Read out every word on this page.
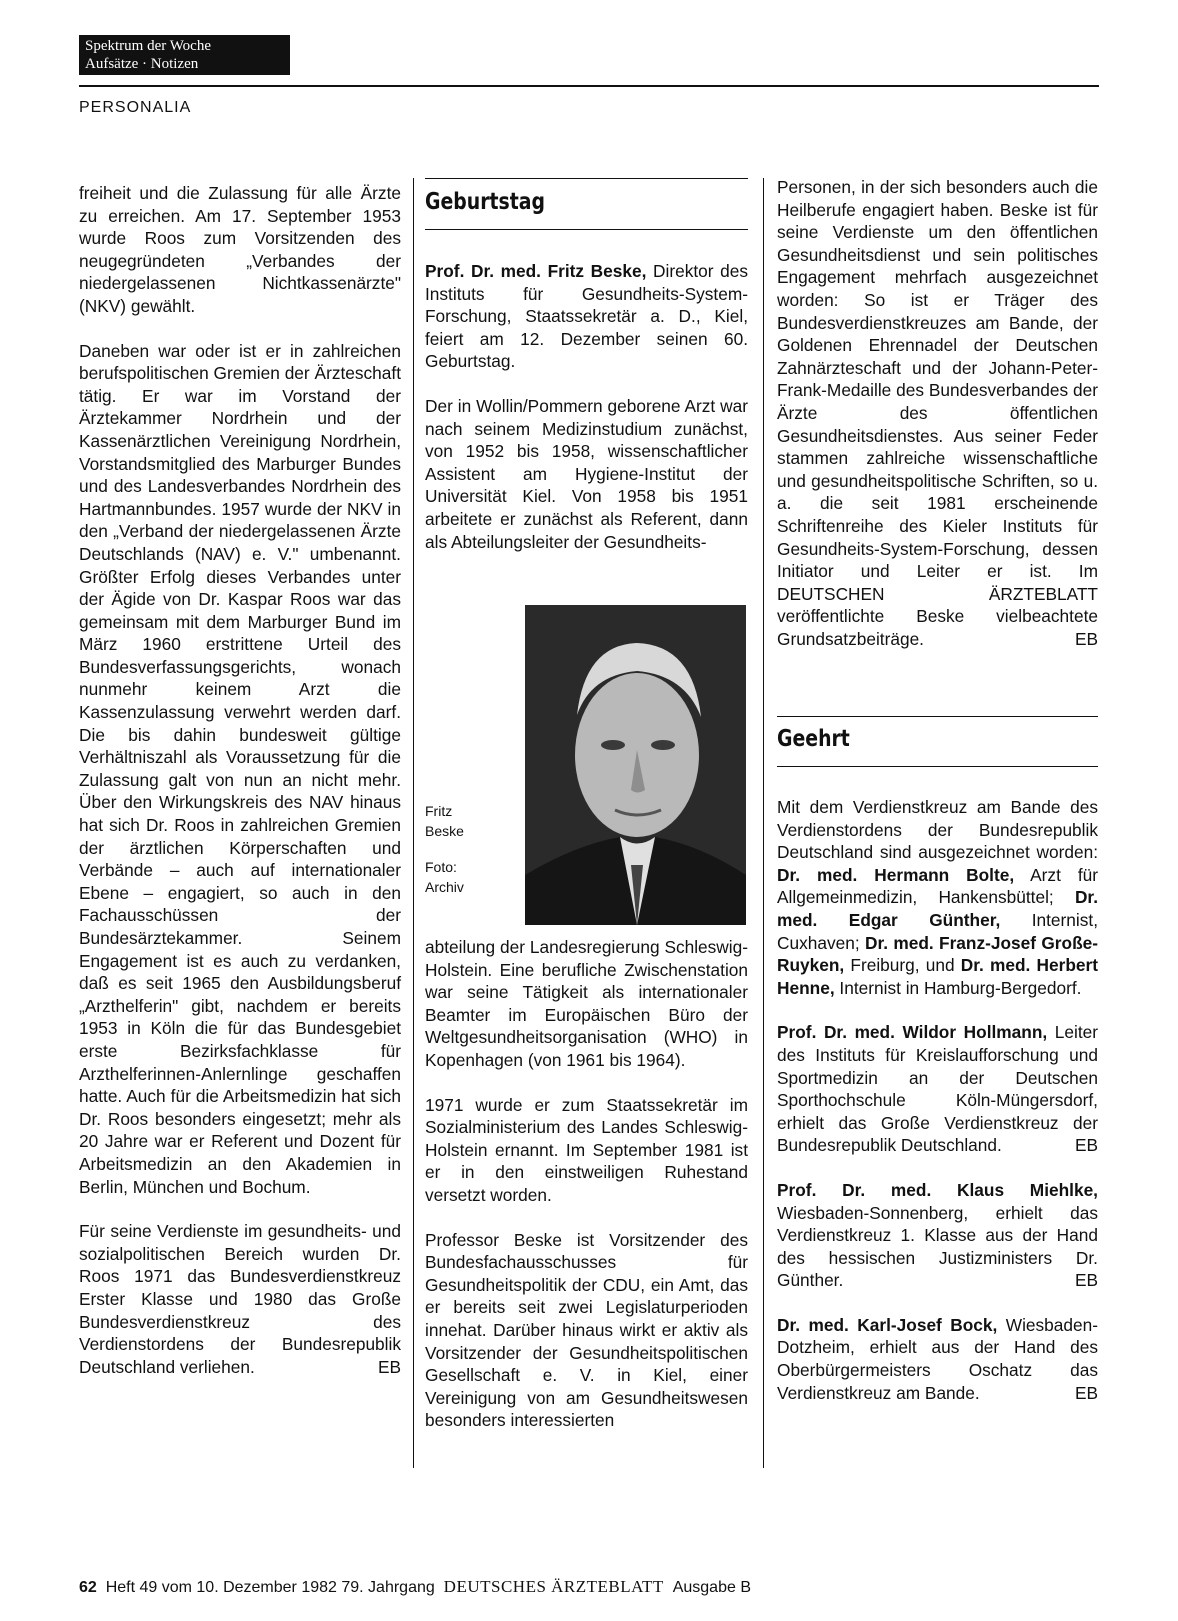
Spektrum der Woche
Aufsätze · Notizen
PERSONALIA

freiheit und die Zulassung für alle Ärzte zu erreichen. Am 17. September 1953 wurde Roos zum Vorsitzenden des neugegründeten „Verbandes der niedergelassenen Nichtkassenärzte" (NKV) gewählt.

Daneben war oder ist er in zahlreichen berufspolitischen Gremien der Ärzteschaft tätig. Er war im Vorstand der Ärztekammer Nordrhein und der Kassenärztlichen Vereinigung Nordrhein, Vorstandsmitglied des Marburger Bundes und des Landesverbandes Nordrhein des Hartmannbundes. 1957 wurde der NKV in den „Verband der niedergelassenen Ärzte Deutschlands (NAV) e. V." umbenannt. Größter Erfolg dieses Verbandes unter der Ägide von Dr. Kaspar Roos war das gemeinsam mit dem Marburger Bund im März 1960 erstrittene Urteil des Bundesverfassungsgerichts, wonach nunmehr keinem Arzt die Kassenzulassung verwehrt werden darf. Die bis dahin bundesweit gültige Verhältniszahl als Voraussetzung für die Zulassung galt von nun an nicht mehr. Über den Wirkungskreis des NAV hinaus hat sich Dr. Roos in zahlreichen Gremien der ärztlichen Körperschaften und Verbände – auch auf internationaler Ebene – engagiert, so auch in den Fachausschüssen der Bundesärztekammer. Seinem Engagement ist es auch zu verdanken, daß es seit 1965 den Ausbildungsberuf „Arzthelferin" gibt, nachdem er bereits 1953 in Köln die für das Bundesgebiet erste Bezirksfachklasse für Arzthelferinnen-Anlernlinge geschaffen hatte. Auch für die Arbeitsmedizin hat sich Dr. Roos besonders eingesetzt; mehr als 20 Jahre war er Referent und Dozent für Arbeitsmedizin an den Akademien in Berlin, München und Bochum.

Für seine Verdienste im gesundheits- und sozialpolitischen Bereich wurden Dr. Roos 1971 das Bundesverdienstkreuz Erster Klasse und 1980 das Große Bundesverdienstkreuz des Verdienstordens der Bundesrepublik Deutschland verliehen.	EB

Geburtstag

Prof. Dr. med. Fritz Beske, Direktor des Instituts für Gesundheits-System-Forschung, Staatssekretär a. D., Kiel, feiert am 12. Dezember seinen 60. Geburtstag.

Der in Wollin/Pommern geborene Arzt war nach seinem Medizinstudium zunächst, von 1952 bis 1958, wissenschaftlicher Assistent am Hygiene-Institut der Universität Kiel. Von 1958 bis 1951 arbeitete er zunächst als Referent, dann als Abteilungsleiter der Gesundheits-

Fritz
Beske
Foto:
Archiv

abteilung der Landesregierung Schleswig-Holstein. Eine berufliche Zwischenstation war seine Tätigkeit als internationaler Beamter im Europäischen Büro der Weltgesundheitsorganisation (WHO) in Kopenhagen (von 1961 bis 1964).

1971 wurde er zum Staatssekretär im Sozialministerium des Landes Schleswig-Holstein ernannt. Im September 1981 ist er in den einstweiligen Ruhestand versetzt worden.

Professor Beske ist Vorsitzender des Bundesfachausschusses für Gesundheitspolitik der CDU, ein Amt, das er bereits seit zwei Legislaturperioden innehat. Darüber hinaus wirkt er aktiv als Vorsitzender der Gesundheitspolitischen Gesellschaft e. V. in Kiel, einer Vereinigung von am Gesundheitswesen besonders interessierten

Personen, in der sich besonders auch die Heilberufe engagiert haben. Beske ist für seine Verdienste um den öffentlichen Gesundheitsdienst und sein politisches Engagement mehrfach ausgezeichnet worden: So ist er Träger des Bundesverdienstkreuzes am Bande, der Goldenen Ehrennadel der Deutschen Zahnärzteschaft und der Johann-Peter-Frank-Medaille des Bundesverbandes der Ärzte des öffentlichen Gesundheitsdienstes. Aus seiner Feder stammen zahlreiche wissenschaftliche und gesundheitspolitische Schriften, so u. a. die seit 1981 erscheinende Schriftenreihe des Kieler Instituts für Gesundheits-System-Forschung, dessen Initiator und Leiter er ist. Im DEUTSCHEN ÄRZTEBLATT veröffentlichte Beske vielbeachtete Grundsatzbeiträge.	EB

Geehrt

Mit dem Verdienstkreuz am Bande des Verdienstordens der Bundesrepublik Deutschland sind ausgezeichnet worden: Dr. med. Hermann Bolte, Arzt für Allgemeinmedizin, Hankensbüttel; Dr. med. Edgar Günther, Internist, Cuxhaven; Dr. med. Franz-Josef Große-Ruyken, Freiburg, und Dr. med. Herbert Henne, Internist in Hamburg-Bergedorf.

Prof. Dr. med. Wildor Hollmann, Leiter des Instituts für Kreislaufforschung und Sportmedizin an der Deutschen Sporthochschule Köln-Müngersdorf, erhielt das Große Verdienstkreuz der Bundesrepublik Deutschland.	EB

Prof. Dr. med. Klaus Miehlke, Wiesbaden-Sonnenberg, erhielt das Verdienstkreuz 1. Klasse aus der Hand des hessischen Justizministers Dr. Günther.	EB

Dr. med. Karl-Josef Bock, Wiesbaden-Dotzheim, erhielt aus der Hand des Oberbürgermeisters Oschatz das Verdienstkreuz am Bande.	EB

62 Heft 49 vom 10. Dezember 1982 79. Jahrgang DEUTSCHES ÄRZTEBLATT Ausgabe B
